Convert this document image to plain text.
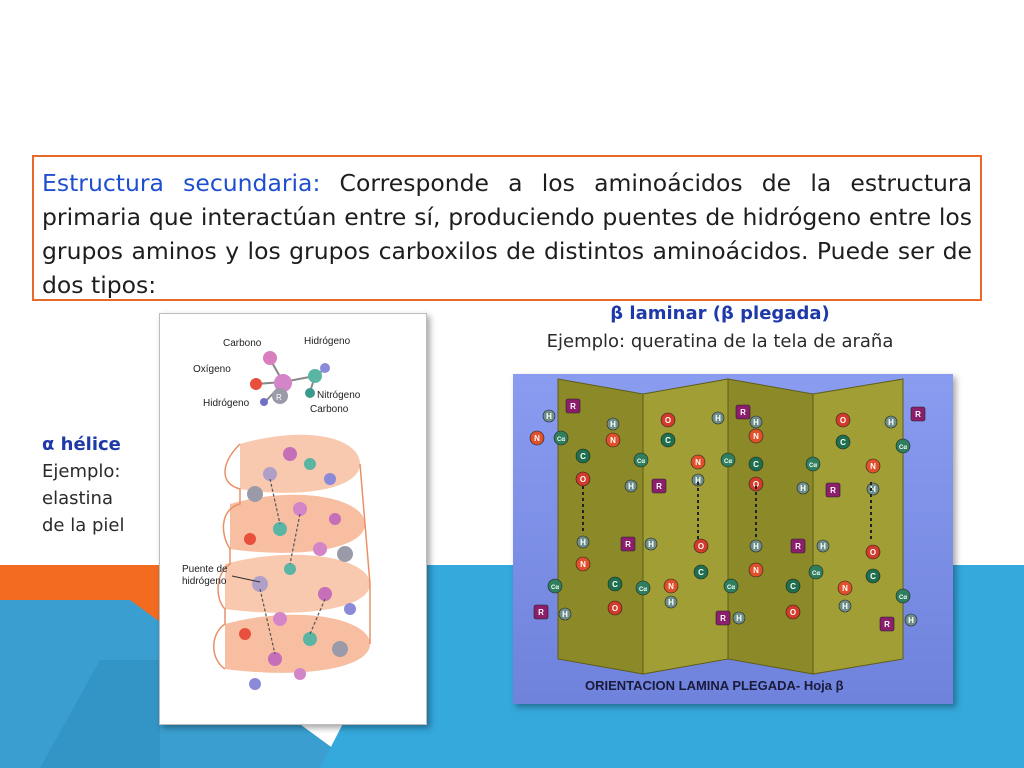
Estructura secundaria: Corresponde a los aminoácidos de la estructura primaria que interactúan entre sí, produciendo puentes de hidrógeno entre los grupos aminos y los grupos carboxilos de distintos aminoácidos. Puede ser de dos tipos:

β laminar (β plegada)
Ejemplo: queratina de la tela de araña
α hélice
Ejemplo:
elastina
de la piel
Carbono	Hidrógeno
Oxígeno
Nitrógeno
Hidrógeno
Carbono
R
Puente de
hidrógeno
R
H
N	Cα
C
O
N
H
Cα
H	R
O
C
N
H
Cα
H
R
N
H
C
O
Cα
H	R
O
C
N
H
Cα
H
R
H
N
Cα
R H
C
O
R H
Cα	N
H
O
C
Cα
R H
H
N
C
O
R H
Cα
O
C
N
H
Cα
R H
ORIENTACION LAMINA PLEGADA- Hoja β
